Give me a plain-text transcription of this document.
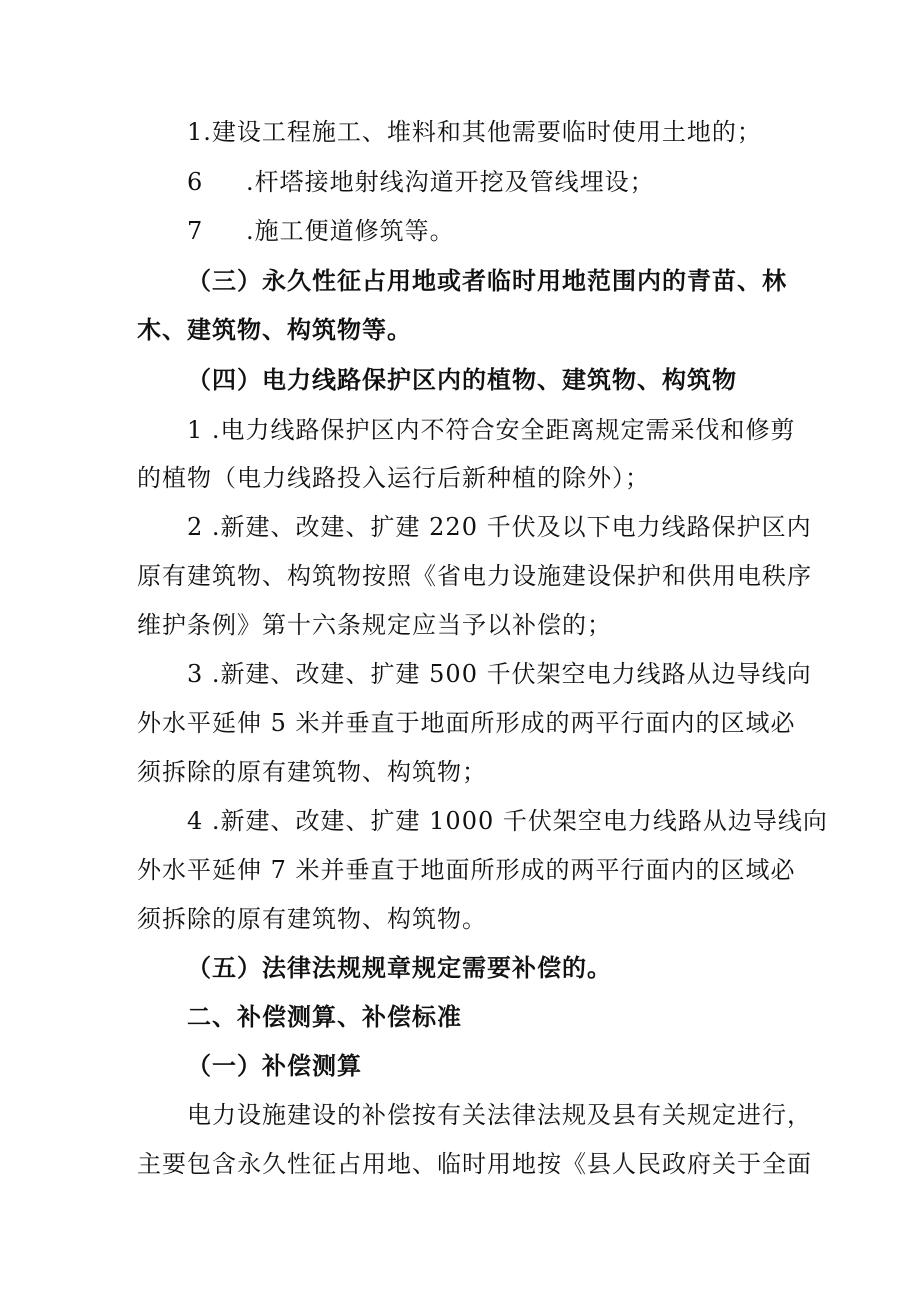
1.建设工程施工、堆料和其他需要临时使用土地的；
6 .杆塔接地射线沟道开挖及管线埋设；
7 .施工便道修筑等。
（三）永久性征占用地或者临时用地范围内的青苗、林
木、建筑物、构筑物等。
（四）电力线路保护区内的植物、建筑物、构筑物
1 .电力线路保护区内不符合安全距离规定需采伐和修剪
的植物（电力线路投入运行后新种植的除外）；
2 .新建、改建、扩建 220 千伏及以下电力线路保护区内
原有建筑物、构筑物按照《省电力设施建设保护和供用电秩序
维护条例》第十六条规定应当予以补偿的；
3 .新建、改建、扩建 500 千伏架空电力线路从边导线向
外水平延伸 5 米并垂直于地面所形成的两平行面内的区域必
须拆除的原有建筑物、构筑物；
4 .新建、改建、扩建 1000 千伏架空电力线路从边导线向
外水平延伸 7 米并垂直于地面所形成的两平行面内的区域必
须拆除的原有建筑物、构筑物。
（五）法律法规规章规定需要补偿的。
二、补偿测算、补偿标准
（一）补偿测算
电力设施建设的补偿按有关法律法规及县有关规定进行，
主要包含永久性征占用地、临时用地按《县人民政府关于全面
